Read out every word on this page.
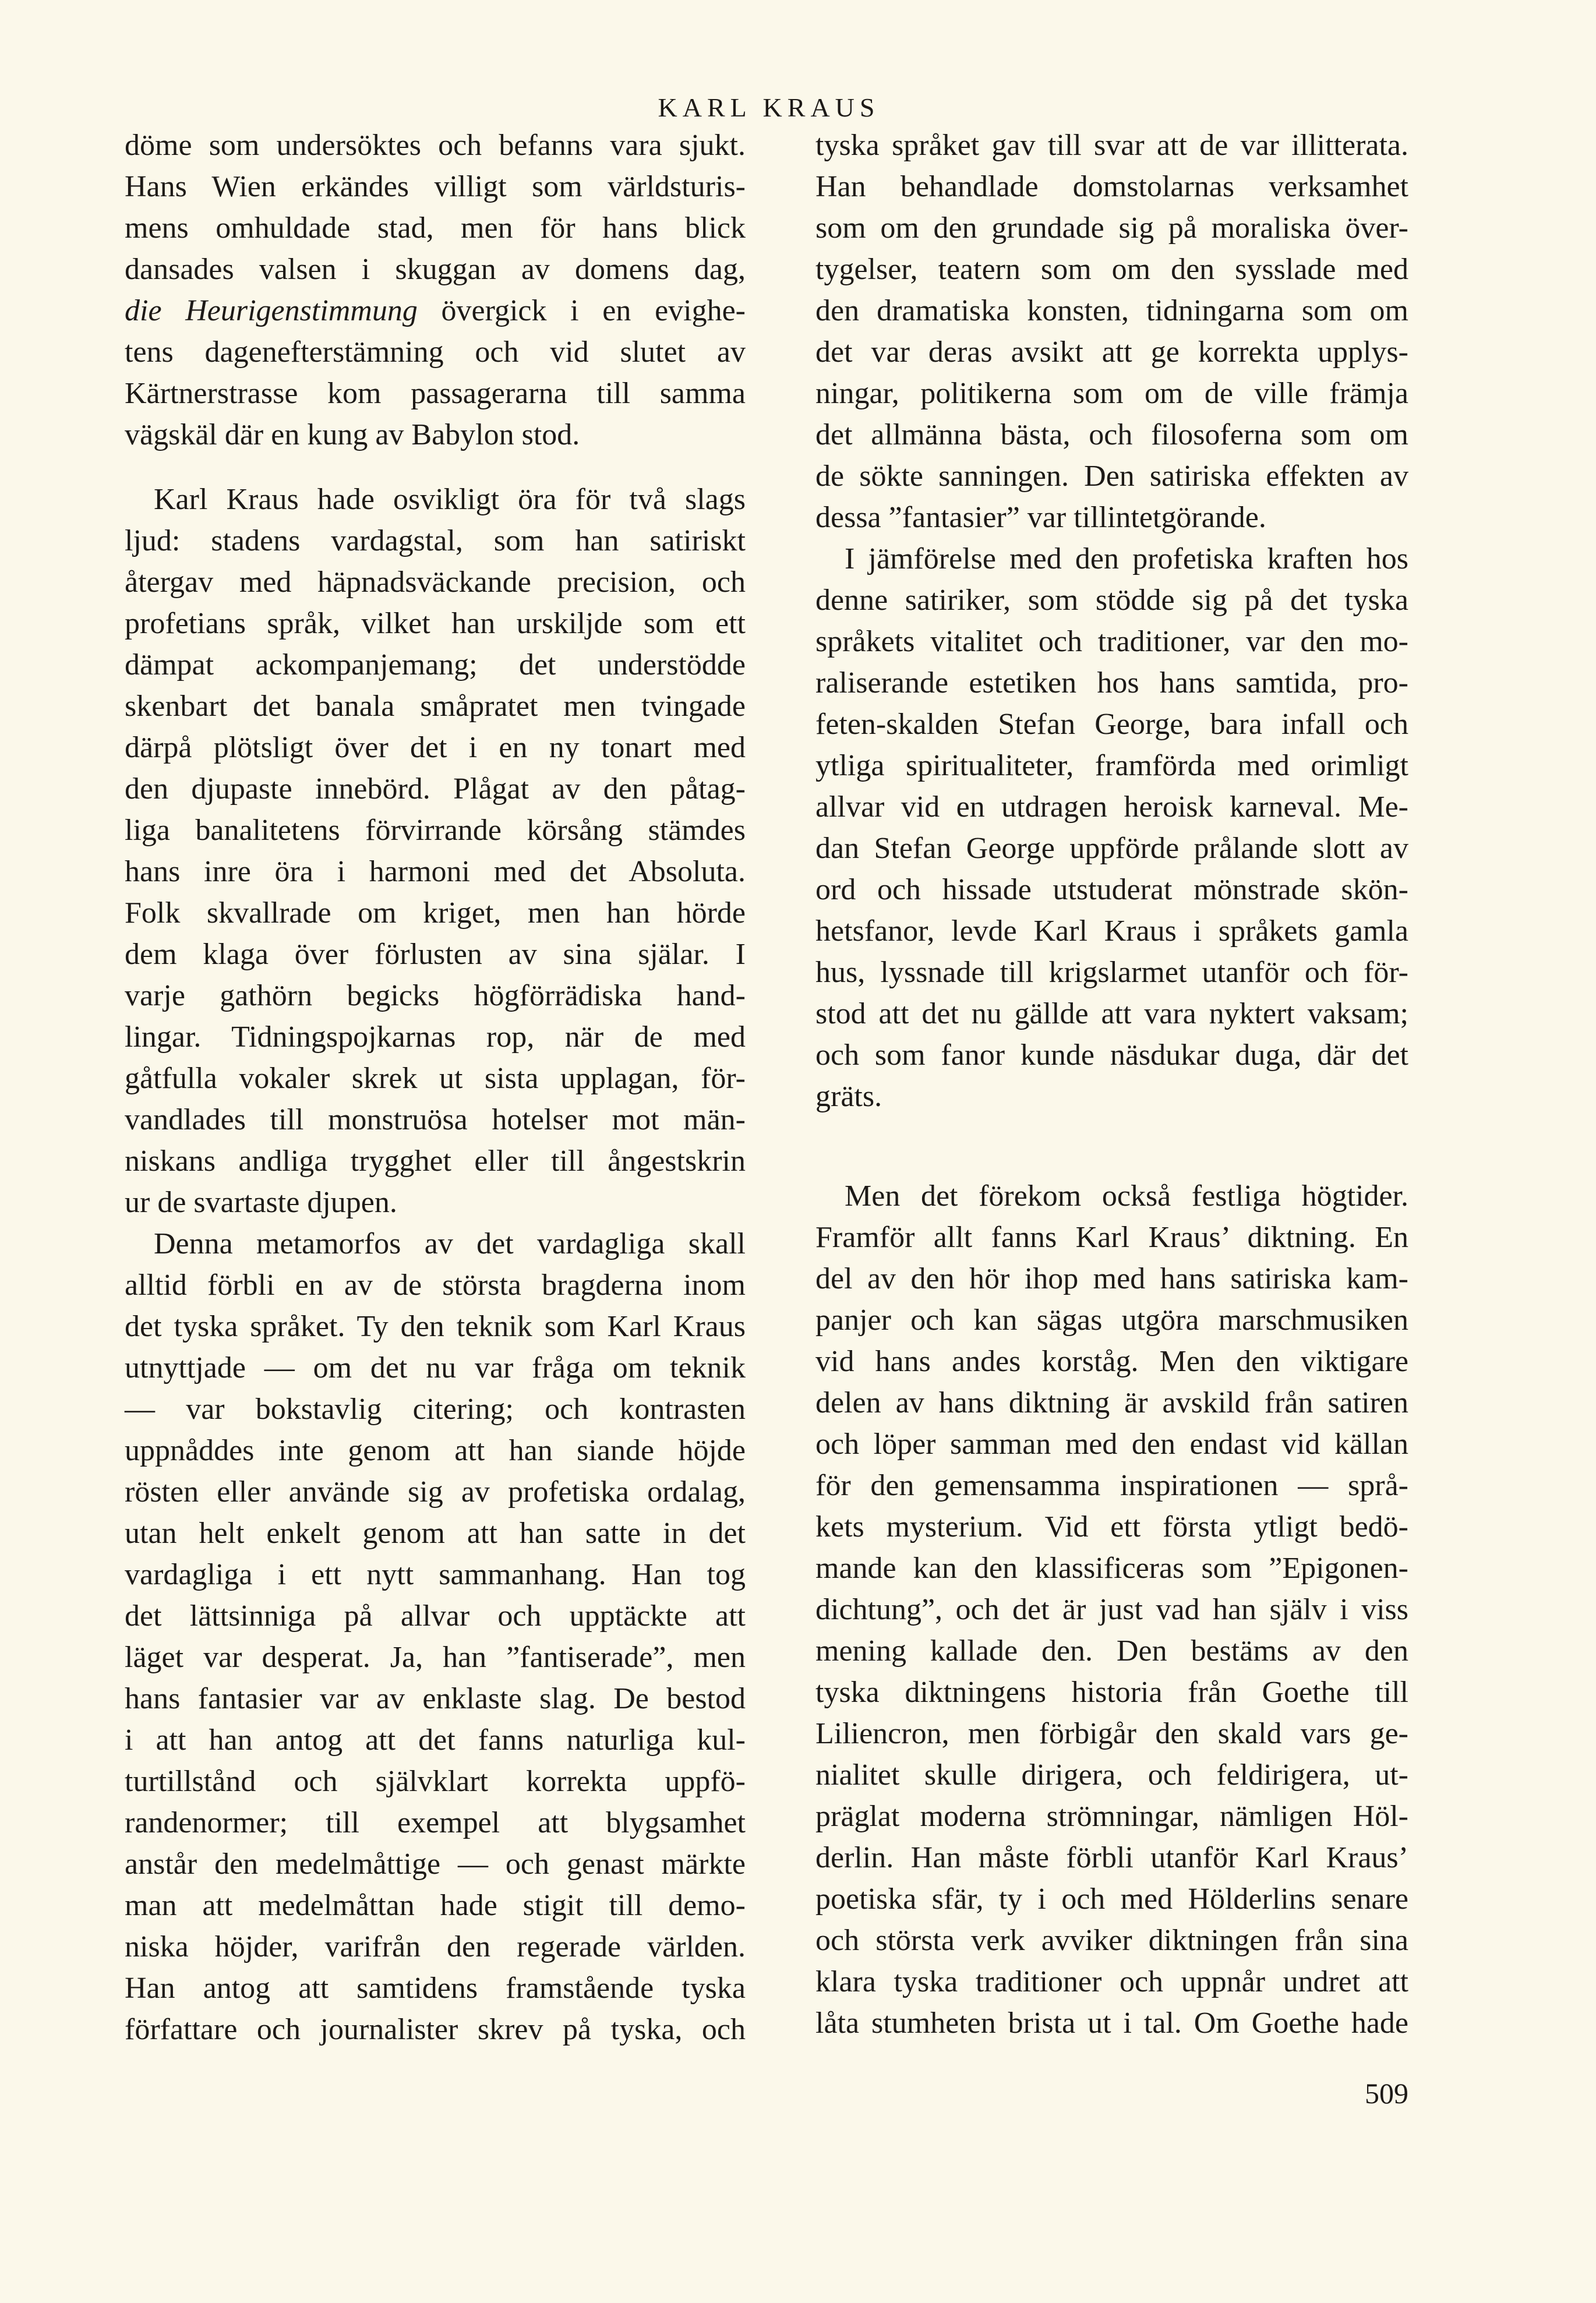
KARL KRAUS
döme som undersöktes och befanns vara sjukt.
Hans Wien erkändes villigt som världsturis-
mens omhuldade stad, men för hans blick
dansades valsen i skuggan av domens dag,
die Heurigenstimmung övergick i en evighe-
tens dagenefterstämning och vid slutet av
Kärtnerstrasse kom passagerarna till samma
vägskäl där en kung av Babylon stod.
Karl Kraus hade osvikligt öra för två slags
ljud: stadens vardagstal, som han satiriskt
återgav med häpnadsväckande precision, och
profetians språk, vilket han urskiljde som ett
dämpat ackompanjemang; det understödde
skenbart det banala småpratet men tvingade
därpå plötsligt över det i en ny tonart med
den djupaste innebörd. Plågat av den påtag-
liga banalitetens förvirrande körsång stämdes
hans inre öra i harmoni med det Absoluta.
Folk skvallrade om kriget, men han hörde
dem klaga över förlusten av sina själar. I
varje gathörn begicks högförrädiska hand-
lingar. Tidningspojkarnas rop, när de med
gåtfulla vokaler skrek ut sista upplagan, för-
vandlades till monstruösa hotelser mot män-
niskans andliga trygghet eller till ångestskrin
ur de svartaste djupen.
Denna metamorfos av det vardagliga skall
alltid förbli en av de största bragderna inom
det tyska språket. Ty den teknik som Karl Kraus
utnyttjade — om det nu var fråga om teknik
— var bokstavlig citering; och kontrasten
uppnåddes inte genom att han siande höjde
rösten eller använde sig av profetiska ordalag,
utan helt enkelt genom att han satte in det
vardagliga i ett nytt sammanhang. Han tog
det lättsinniga på allvar och upptäckte att
läget var desperat. Ja, han ”fantiserade”, men
hans fantasier var av enklaste slag. De bestod
i att han antog att det fanns naturliga kul-
turtillstånd och självklart korrekta uppfö-
randenormer; till exempel att blygsamhet
anstår den medelmåttige — och genast märkte
man att medelmåttan hade stigit till demo-
niska höjder, varifrån den regerade världen.
Han antog att samtidens framstående tyska
författare och journalister skrev på tyska, och
tyska språket gav till svar att de var illitterata.
Han behandlade domstolarnas verksamhet
som om den grundade sig på moraliska över-
tygelser, teatern som om den sysslade med
den dramatiska konsten, tidningarna som om
det var deras avsikt att ge korrekta upplys-
ningar, politikerna som om de ville främja
det allmänna bästa, och filosoferna som om
de sökte sanningen. Den satiriska effekten av
dessa ”fantasier” var tillintetgörande.
I jämförelse med den profetiska kraften hos
denne satiriker, som stödde sig på det tyska
språkets vitalitet och traditioner, var den mo-
raliserande estetiken hos hans samtida, pro-
feten-skalden Stefan George, bara infall och
ytliga spiritualiteter, framförda med orimligt
allvar vid en utdragen heroisk karneval. Me-
dan Stefan George uppförde prålande slott av
ord och hissade utstuderat mönstrade skön-
hetsfanor, levde Karl Kraus i språkets gamla
hus, lyssnade till krigslarmet utanför och för-
stod att det nu gällde att vara nyktert vaksam;
och som fanor kunde näsdukar duga, där det
gräts.
Men det förekom också festliga högtider.
Framför allt fanns Karl Kraus’ diktning. En
del av den hör ihop med hans satiriska kam-
panjer och kan sägas utgöra marschmusiken
vid hans andes korståg. Men den viktigare
delen av hans diktning är avskild från satiren
och löper samman med den endast vid källan
för den gemensamma inspirationen — språ-
kets mysterium. Vid ett första ytligt bedö-
mande kan den klassificeras som ”Epigonen-
dichtung”, och det är just vad han själv i viss
mening kallade den. Den bestäms av den
tyska diktningens historia från Goethe till
Liliencron, men förbigår den skald vars ge-
nialitet skulle dirigera, och feldirigera, ut-
präglat moderna strömningar, nämligen Höl-
derlin. Han måste förbli utanför Karl Kraus’
poetiska sfär, ty i och med Hölderlins senare
och största verk avviker diktningen från sina
klara tyska traditioner och uppnår undret att
låta stumheten brista ut i tal. Om Goethe hade
509
